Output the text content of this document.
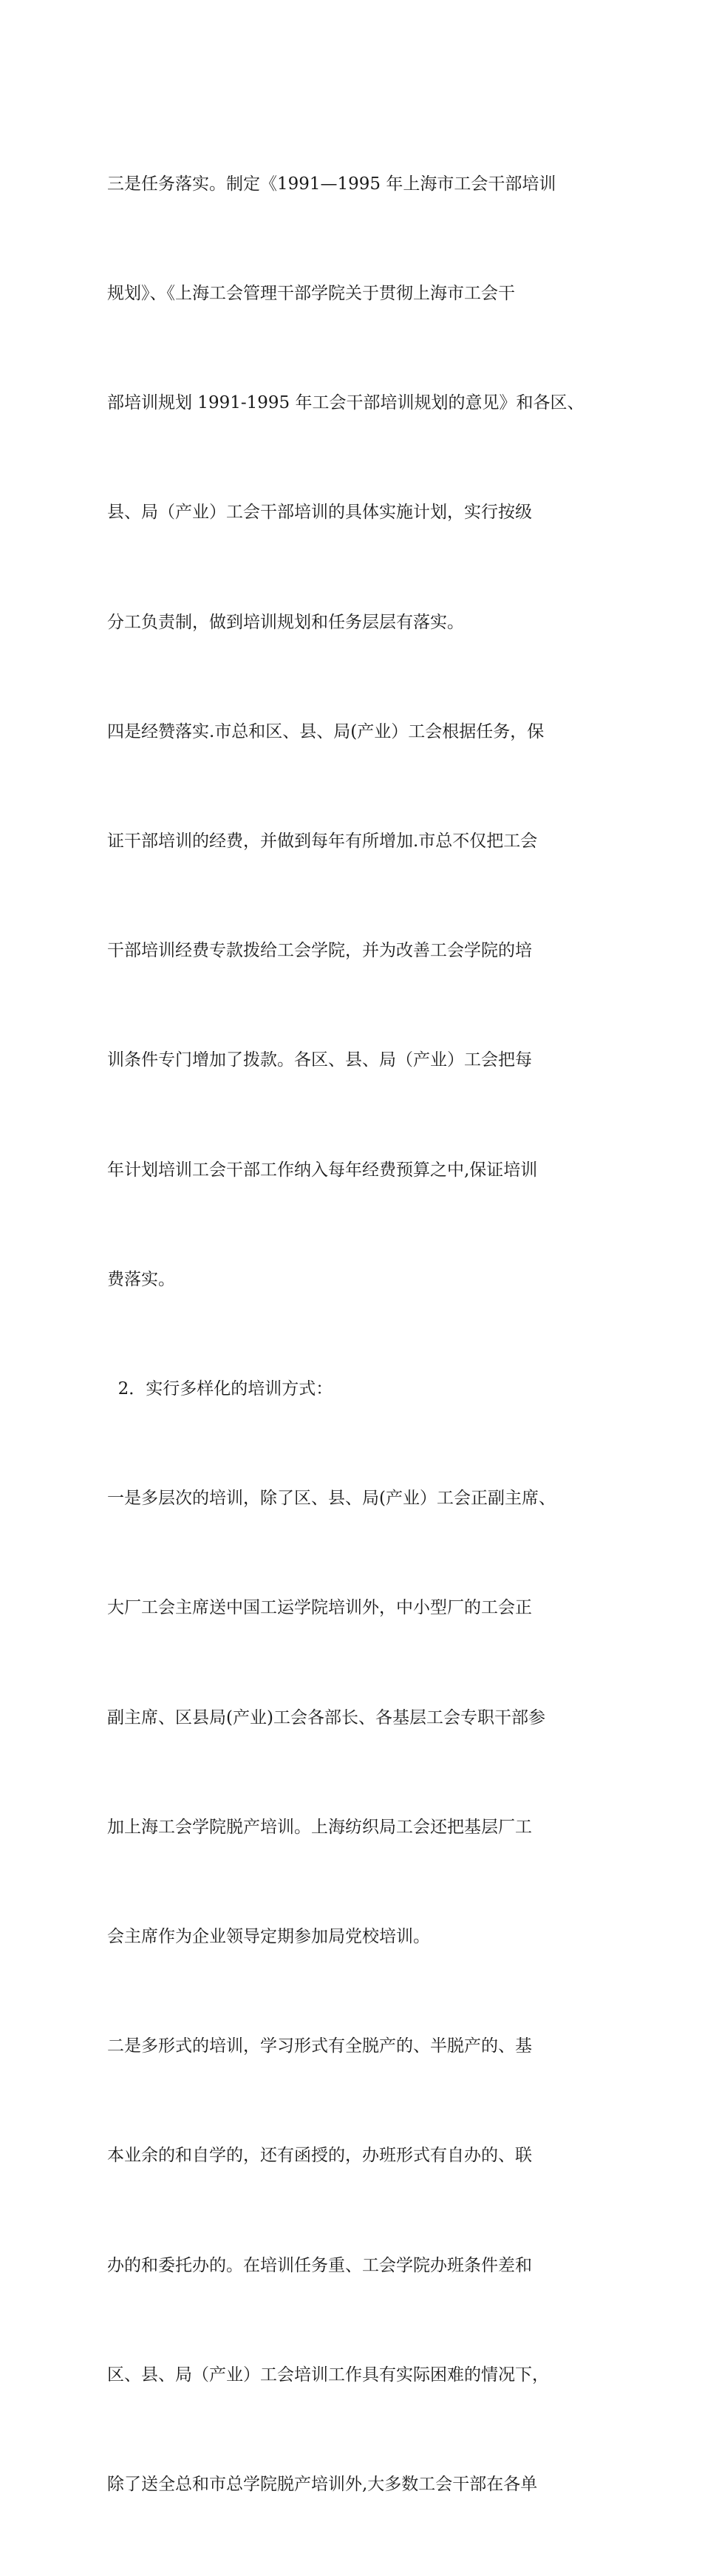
三是任务落实。制定《1991—1995 年上海市工会干部培训

规划》、《上海工会管理干部学院关于贯彻上海市工会干

部培训规划 1991-1995 年工会干部培训规划的意见》和各区、

县、局（产业）工会干部培训的具体实施计划，实行按级

分工负责制，做到培训规划和任务层层有落实。

四是经赞落实.市总和区、县、局(产业）工会根据任务，保

证干部培训的经费，并做到每年有所增加.市总不仅把工会

干部培训经费专款拨给工会学院，并为改善工会学院的培

训条件专门增加了拨款。各区、县、局（产业）工会把每

年计划培训工会干部工作纳入每年经费预算之中,保证培训

费落实。

2．实行多样化的培训方式：

一是多层次的培训，除了区、县、局(产业）工会正副主席、

大厂工会主席送中国工运学院培训外，中小型厂的工会正

副主席、区县局(产业)工会各部长、各基层工会专职干部参

加上海工会学院脱产培训。上海纺织局工会还把基层厂工

会主席作为企业领导定期参加局党校培训。

二是多形式的培训，学习形式有全脱产的、半脱产的、基

本业余的和自学的，还有函授的，办班形式有自办的、联

办的和委托办的。在培训任务重、工会学院办班条件差和

区、县、局（产业）工会培训工作具有实际困难的情况下，

除了送全总和市总学院脱产培训外,大多数工会干部在各单
